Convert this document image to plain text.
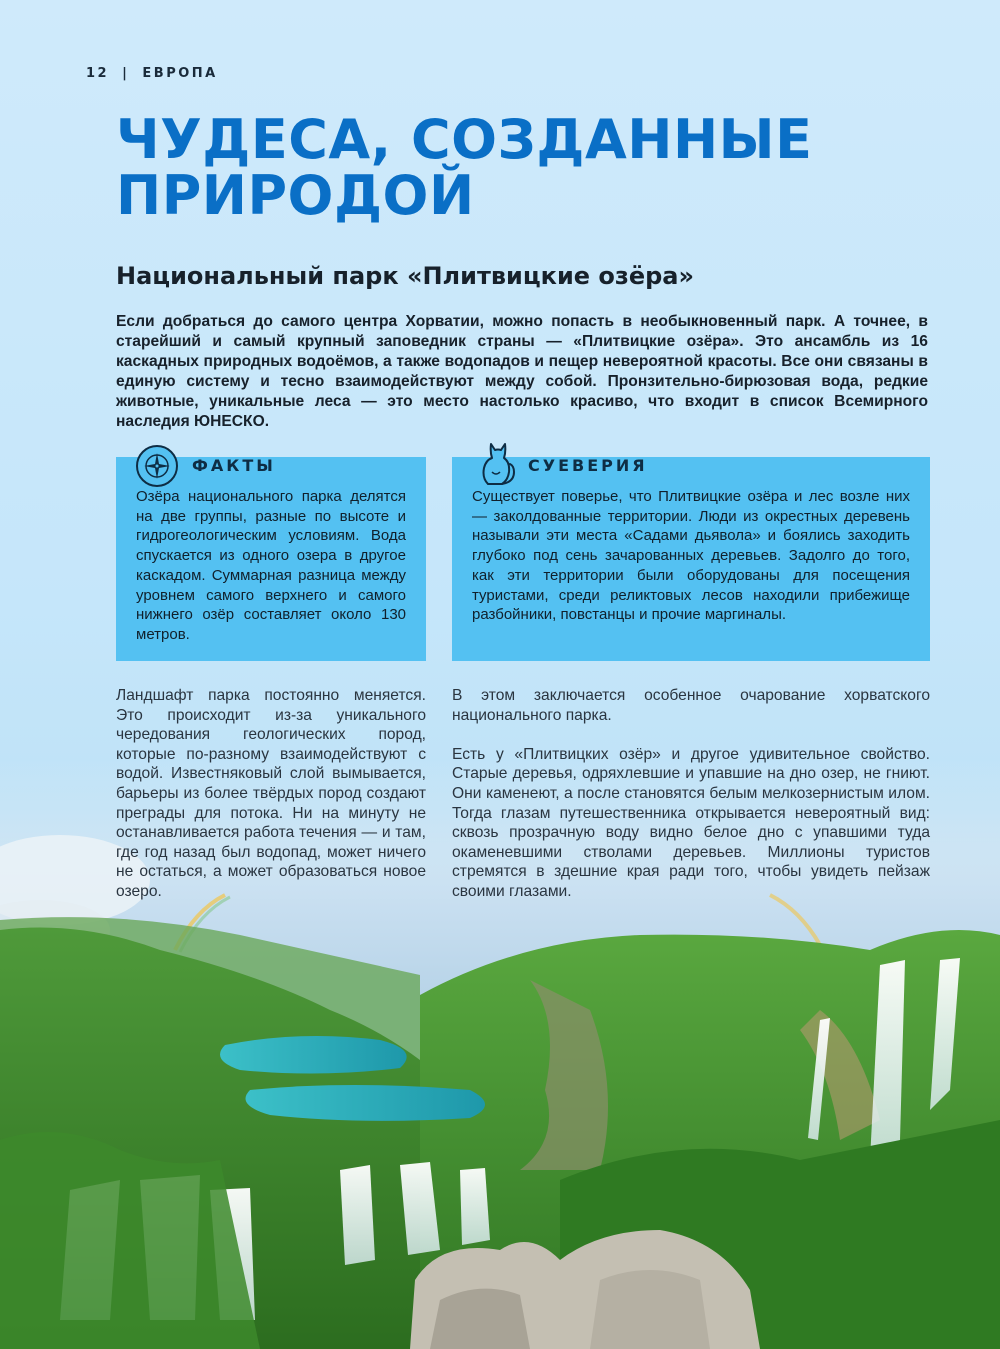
12 | ЕВРОПА
ЧУДЕСА, СОЗДАННЫЕ
ПРИРОДОЙ
Национальный парк «Плитвицкие озёра»

Если добраться до самого центра Хорватии, можно попасть в необыкновенный парк. А точнее, в старейший и самый крупный заповедник страны — «Плитвицкие озёра». Это ансамбль из 16 каскадных природных водоёмов, а также водопадов и пещер невероятной красоты. Все они связаны в единую систему и тесно взаимодействуют между собой. Пронзительно-бирюзовая вода, редкие животные, уникальные леса — это место настолько красиво, что входит в список Всемирного наследия ЮНЕСКО.

Озёра национального парка делятся на две группы, разные по высоте и гидрогеологическим условиям. Вода спускается из одного озера в другое каскадом. Суммарная разница между уровнем самого верхнего и самого нижнего озёр составляет около 130 метров.

ФАКТЫ

Существует поверье, что Плитвицкие озёра и лес возле них — заколдованные территории. Люди из окрестных деревень называли эти места «Садами дьявола» и боялись заходить глубоко под сень зачарованных деревьев. Задолго до того, как эти территории были оборудованы для посещения туристами, среди реликтовых лесов находили прибежище разбойники, повстанцы и прочие маргиналы.

СУЕВЕРИЯ

Ландшафт парка постоянно меняется. Это происходит из-за уникального чередования геологических пород, которые по-разному взаимодействуют с водой. Известняковый слой вымывается, барьеры из более твёрдых пород создают преграды для потока. Ни на минуту не останавливается работа течения — и там, где год назад был водопад, может ничего не остаться, а может образоваться новое озеро.

В этом заключается особенное очарование хорватского национального парка.

Есть у «Плитвицких озёр» и другое удивительное свойство. Старые деревья, одряхлевшие и упавшие на дно озер, не гниют. Они каменеют, а после становятся белым мелкозернистым илом. Тогда глазам путешественника открывается невероятный вид: сквозь прозрачную воду видно белое дно с упавшими туда окаменевшими стволами деревьев. Миллионы туристов стремятся в здешние края ради того, чтобы увидеть пейзаж своими глазами.
